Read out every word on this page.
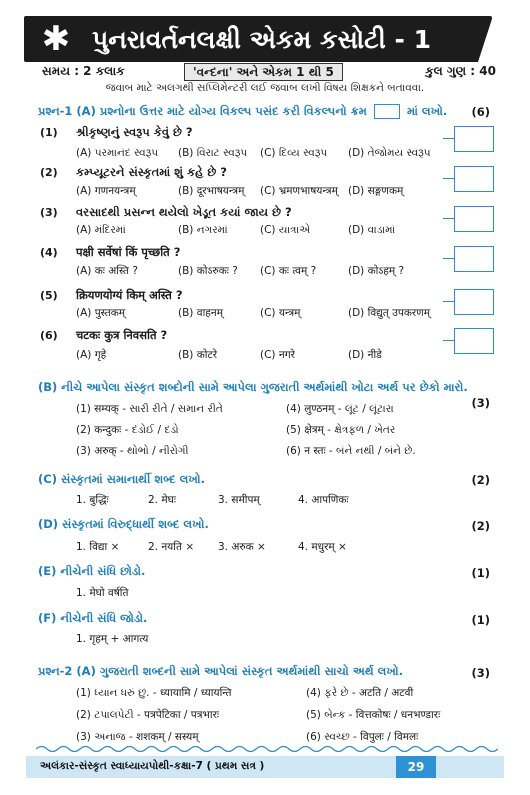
✱ પુનરાવર્તનલક્ષી એકમ કસોટી - 1
સમય : 2 કલાક	'વન્દના' અને એકમ 1 થી 5	કુલ ગુણ : 40
જવાબ માટે અલગથી સપ્લિમેન્ટરી લઈ જવાબ લખી વિષય શિક્ષકને બતાવવા.
પ્રશ્ન-1 (A) પ્રશ્નોના ઉત્તર માટે યોગ્ય વિકલ્પ પસંદ કરી વિકલ્પનો ક્રમ	માં લખો. (6)
(1) શ્રીકૃષ્ણનું સ્વરૂપ કેવું છે ?
(A) પરમાનંદ સ્વરૂપ (B) વિરાટ સ્વરૂપ (C) દિવ્ય સ્વરૂપ (D) તેજોમય સ્વરૂપ
(2) કમ્પ્યૂટરને સંસ્કૃતમાં શું કહે છે ?
(A) गणनयन्त्रम्	(B) दूरभाषयन्त्रम् (C) भ्रमणभाषयन्त्रम् (D) सङ्गणकम्
(3) વરસાદથી પ્રસન્ન થયેલો ખેડૂત કયાં જાય છે ?
(A) મંદિરમાં	(B) નગરમાં	(C) યાત્રાએ	(D) વાડામાં
(4) पक्षी सर्वेषां किं पृच्छति ?
(A) कः अस्ति ?	(B) कोऽरुकः ? (C) कः त्वम् ?	(D) कोऽहम् ?
(5) क्रियणयोग्यं किम् अस्ति ?
(A) पुस्तकम्	(B) वाहनम्	(C) यन्त्रम्	(D) विद्युत् उपकरणम्
(6) चटकः कुत्र निवसति ?
(A) गृहे	(B) कोटरे	(C) नगरे	(D) नीडे
(B) નીચે આપેલા સંસ્કૃત શબ્દોની સામે આપેલા ગુજરાતી અર્થમાંથી ખોટા અર્થ પર છેકો મારો.
(3)
(1) सम्यक् - સારી રીતે / સમાન રીતે	(4) लुण्ठनम् - લૂંટ / લૂંટારા
(2) कन्दुकः - દંડોઈ / દડો	(5) क्षेत्रम् - ક્ષેત્રફળ / ખેતર
(3) अरुक् - થોભો / નીરોગી	(6) न स्तः - બંને નથી / બંને છે.
(C) સંસ્કૃતમાં સમાનાર્થી શબ્દ લખો.	(2)
1. बुद्धिः	2. मेघः	3. समीपम्	4. आपणिकः
(D) સંસ્કૃતમાં વિરુદ્ધાર્થી શબ્દ લખો.	(2)
1. विद्या ×	2. नयति × 3. अरुक ×	4. मधुरम् ×
(E) નીચેની સંધિ છોડો.	(1)
1. मेघो वर्षति
(F) નીચેની સંધિ જોડો.	(1)
1. गृहम् + आगत्य
પ્રશ્ન-2 (A) ગુજરાતી શબ્દની સામે આપેલાં સંસ્કૃત અર્થમાંથી સાચો અર્થ લખો.	(3)
(1) ધ્યાન ધરું છું. - ध्यायामि / ध्यायन्ति	(4) ફરે છે - अटति / अटवी
(2) ટપાલપેટી - पत्रपेटिका / पत्रभारः	(5) બેન્ક - वित्तकोषः / धनभण्डारः
(3) અનાજ - शशकम् / सस्यम्	(6) સ્વચ્છ - विपुलः / विमलः
અલંકાર-સંસ્કૃત સ્વાધ્યાયપોથી-કક્ષા-7 ( પ્રથમ સત્ર )	29
